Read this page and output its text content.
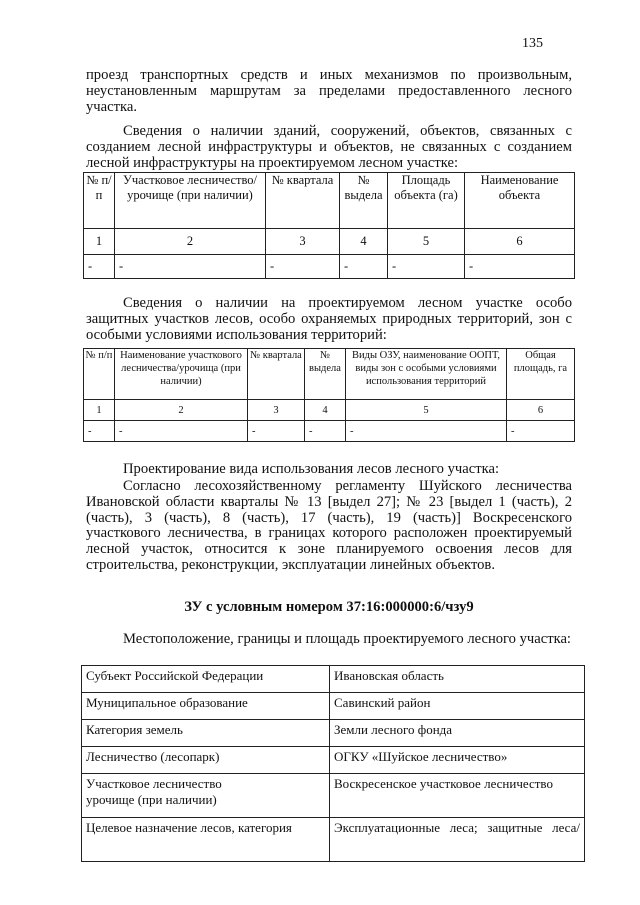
135
проезд транспортных средств и иных механизмов по произвольным, неустановленным маршрутам за пределами предоставленного лесного участка.
Сведения о наличии зданий, сооружений, объектов, связанных с созданием лесной инфраструктуры и объектов, не связанных с созданием лесной инфраструктуры на проектируемом лесном участке:
№ п/п	Участковое лесничество/урочище (при наличии)	№ квартала	№ выдела	Площадь объекта (га)	Наименование объекта
1	2	3	4	5	6
-	-	-	-	-	-
Сведения о наличии на проектируемом лесном участке особо защитных участков лесов, особо охраняемых природных территорий, зон с особыми условиями использования территорий:
№ п/п	Наименование участкового лесничества/урочища (при наличии)	№ квартала	№ выдела	Виды ОЗУ, наименование ООПТ, виды зон с особыми условиями использования территорий	Общая площадь, га
1	2	3	4	5	6
-	-	-	-	-	-
Проектирование вида использования лесов лесного участка:
Согласно лесохозяйственному регламенту Шуйского лесничества Ивановской области кварталы № 13 [выдел 27]; № 23 [выдел 1 (часть), 2 (часть), 3 (часть), 8 (часть), 17 (часть), 19 (часть)] Воскресенского участкового лесничества, в границах которого расположен проектируемый лесной участок, относится к зоне планируемого освоения лесов для строительства, реконструкции, эксплуатации линейных объектов.
ЗУ с условным номером 37:16:000000:6/чзу9
Местоположение, границы и площадь проектируемого лесного участка:
Субъект Российской Федерации	Ивановская область
Муниципальное образование	Савинский район
Категория земель	Земли лесного фонда
Лесничество (лесопарк)	ОГКУ «Шуйское лесничество»

Участковое лесничество урочище (при наличии)	Воскресенское участковое лесничество
Целевое назначение лесов, категория	Эксплуатационные леса; защитные леса/
